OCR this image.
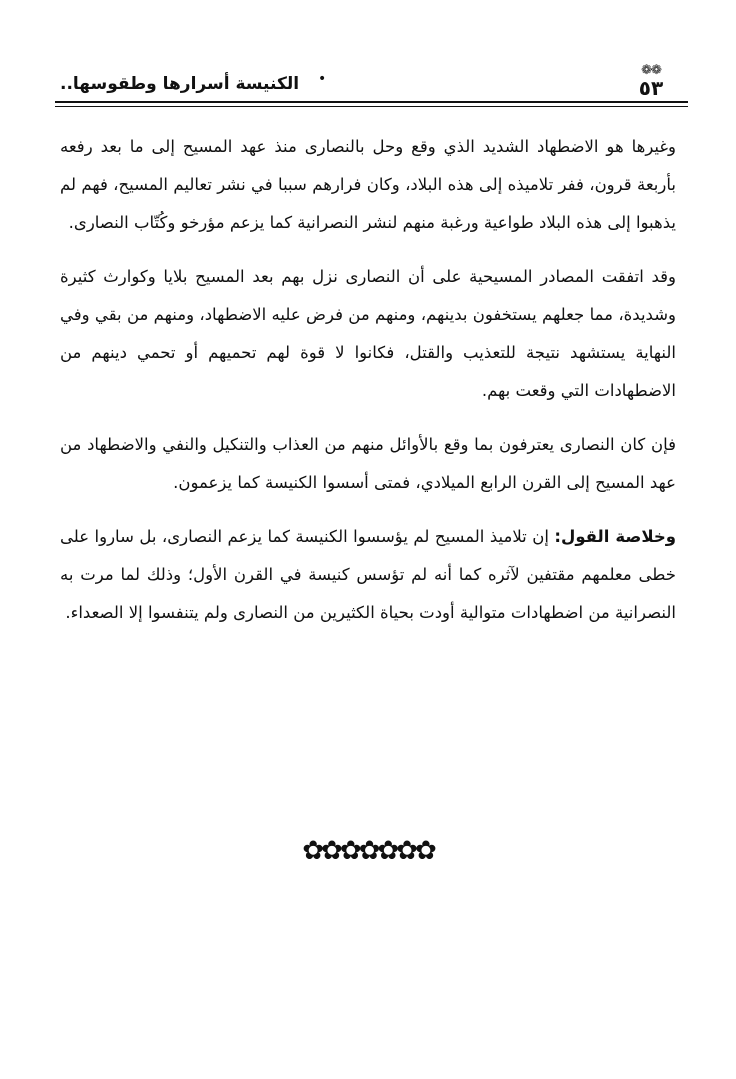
❁❁
٥٣
•
الكنيسة أسرارها وطقوسها..

وغيرها هو الاضطهاد الشديد الذي وقع وحل بالنصارى منذ عهد المسيح إلى ما بعد رفعه بأربعة قرون، ففر تلاميذه إلى هذه البلاد، وكان فرارهم سببا في نشر تعاليم المسيح، فهم لم يذهبوا إلى هذه البلاد طواعية ورغبة منهم لنشر النصرانية كما يزعم مؤرخو وكُتّاب النصارى.

وقد اتفقت المصادر المسيحية على أن النصارى نزل بهم بعد المسيح بلايا وكوارث كثيرة وشديدة، مما جعلهم يستخفون بدينهم، ومنهم من فرض عليه الاضطهاد، ومنهم من بقي وفي النهاية يستشهد نتيجة للتعذيب والقتل، فكانوا لا قوة لهم تحميهم أو تحمي دينهم من الاضطهادات التي وقعت بهم.

فإن كان النصارى يعترفون بما وقع بالأوائل منهم من العذاب والتنكيل والنفي والاضطهاد من عهد المسيح إلى القرن الرابع الميلادي، فمتى أسسوا الكنيسة كما يزعمون.

وخلاصة القول: إن تلاميذ المسيح لم يؤسسوا الكنيسة كما يزعم النصارى، بل ساروا على خطى معلمهم مقتفين لآثره كما أنه لم تؤسس كنيسة في القرن الأول؛ وذلك لما مرت به النصرانية من اضطهادات متوالية أودت بحياة الكثيرين من النصارى ولم يتنفسوا إلا الصعداء.

✿✿✿✿✿✿✿
